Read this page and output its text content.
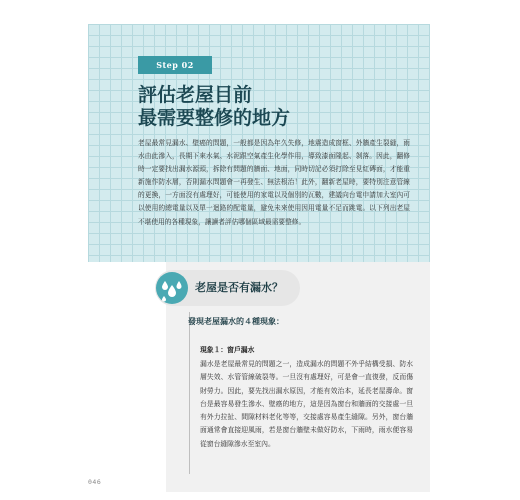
Step 02
評估老屋目前
最需要整修的地方
老屋最常見漏水、壁癌的問題，一般都是因為年久失修，地震造成窗框、外牆產生裂縫，雨水由此滲入，長期下來水氣、水泥跟空氣產生化學作用，導致漆面隆起、剝落。因此，翻修時一定要找出漏水源頭，拆除有問題的牆面、地面，同時切記必須打除至見紅磚面，才能重新施作防水層，否則漏水問題會一再發生、無法根治！此外，翻新老屋時，要特別注意管線的更換，一方面沒有處理好，可能使用的家電以及個別的瓦數，建議向台電申請加大室內可以使用的總電量以及單一迴路的配電量，避免未來使用因用電量不足而跳電。以下列出老屋不堪使用的各種現象，讓讀者評估哪個區域最需要整修。
老屋是否有漏水？
發現老屋漏水的４種現象：
現象１：窗戶漏水
漏水是老屋最常見的問題之一，造成漏水的問題不外乎結構受損、防水層失效、水管管線破裂等。一旦沒有處理好，可是會一直復發，反而傷財勞力。因此，要先找出漏水原因，才能有效治本，延長老屋壽命。窗台是最容易發生滲水、壁癌的地方，這是因為窗台和牆面的交接處一旦有外力拉扯、間隙材料老化等等，交接處容易產生縫隙。另外，窗台牆面通常會直接迎風雨，若是窗台牆壁未做好防水，下雨時，雨水便容易從窗台縫隙滲水至室內。
046
